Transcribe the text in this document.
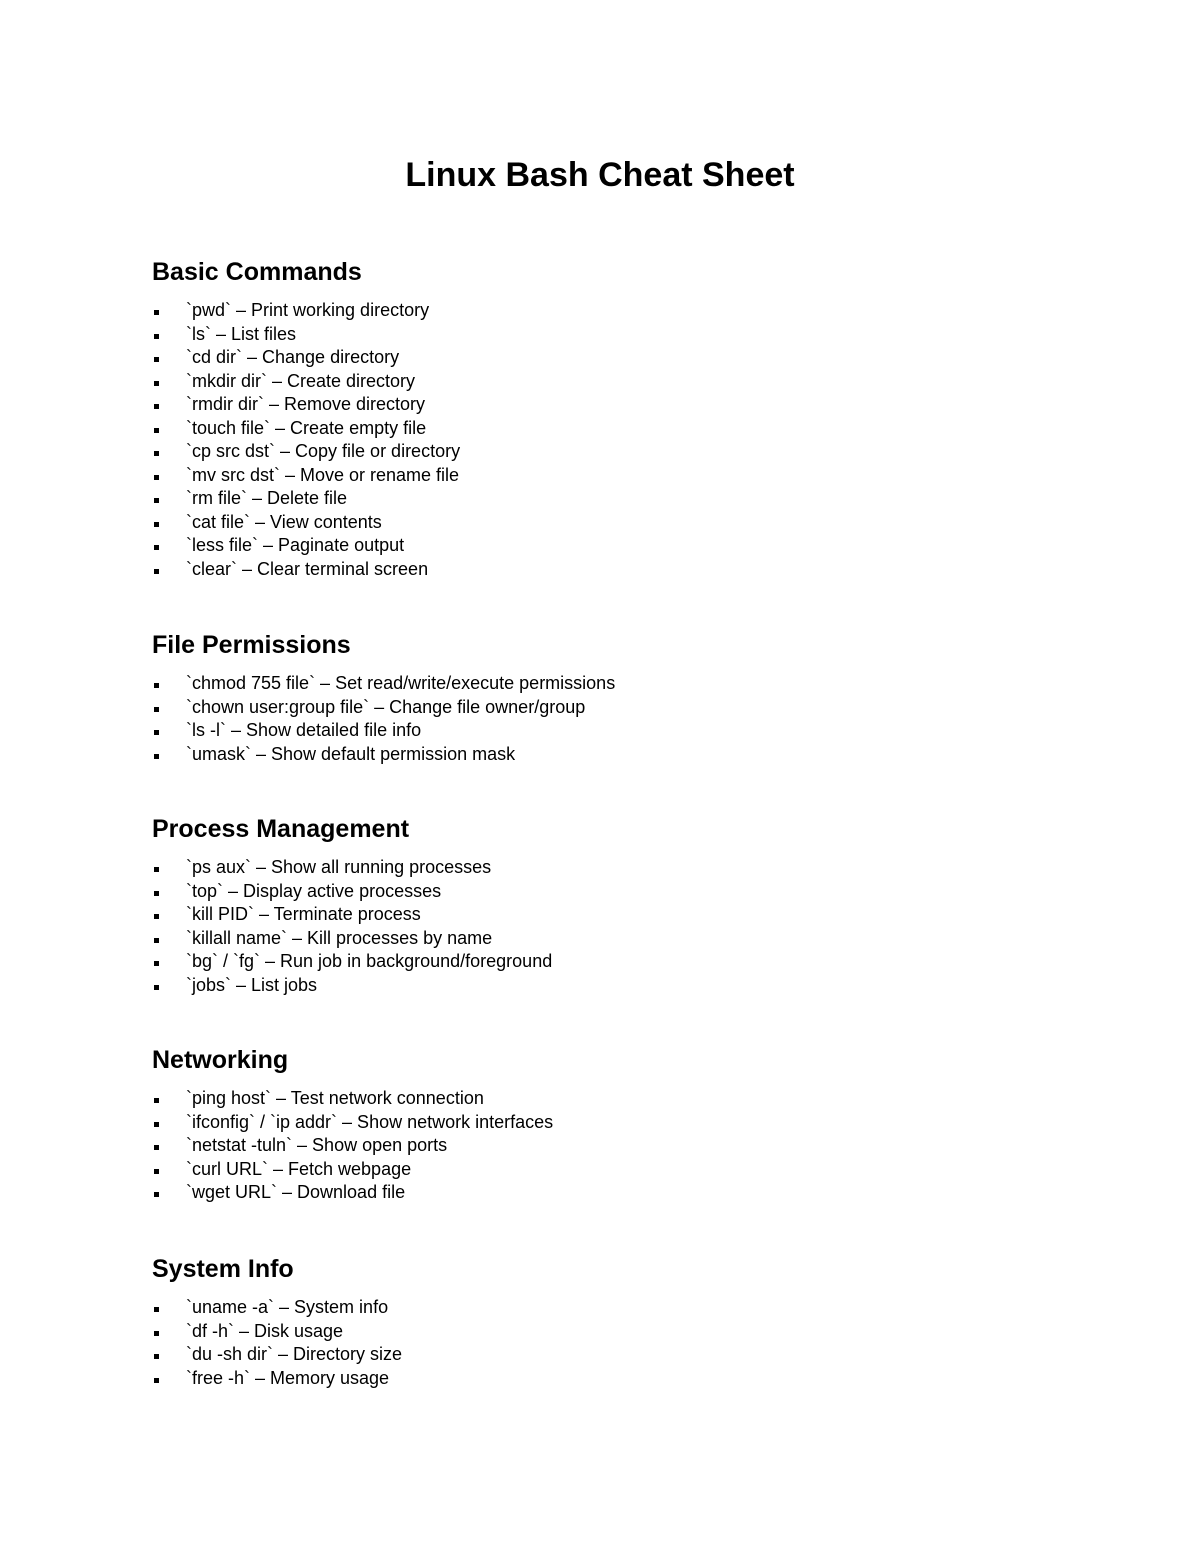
Linux Bash Cheat Sheet
Basic Commands
`pwd` – Print working directory
`ls` – List files
`cd dir` – Change directory
`mkdir dir` – Create directory
`rmdir dir` – Remove directory
`touch file` – Create empty file
`cp src dst` – Copy file or directory
`mv src dst` – Move or rename file
`rm file` – Delete file
`cat file` – View contents
`less file` – Paginate output
`clear` – Clear terminal screen
File Permissions
`chmod 755 file` – Set read/write/execute permissions
`chown user:group file` – Change file owner/group
`ls -l` – Show detailed file info
`umask` – Show default permission mask
Process Management
`ps aux` – Show all running processes
`top` – Display active processes
`kill PID` – Terminate process
`killall name` – Kill processes by name
`bg` / `fg` – Run job in background/foreground
`jobs` – List jobs
Networking
`ping host` – Test network connection
`ifconfig` / `ip addr` – Show network interfaces
`netstat -tuln` – Show open ports
`curl URL` – Fetch webpage
`wget URL` – Download file
System Info
`uname -a` – System info
`df -h` – Disk usage
`du -sh dir` – Directory size
`free -h` – Memory usage
